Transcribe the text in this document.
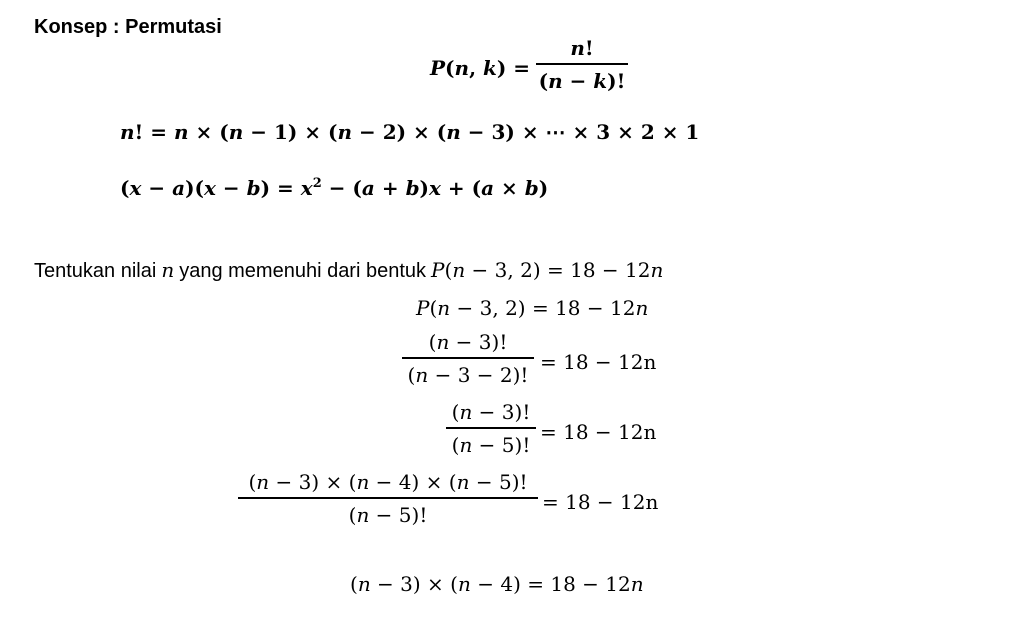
Konsep : Permutasi
P(n, k) =
n!
(n − k)!
n! = n × (n − 1) × (n − 2) × (n − 3) × ⋯ × 3 × 2 × 1
$(x - a)(x - b) = x^2 - (a + b)x + (a \times b)$
Tentukan nilai n yang memenuhi dari bentuk P(n − 3, 2) = 18 − 12n
P(n − 3, 2) = 18 − 12n
(n − 3)!
(n − 3 − 2)!
= 18 − 12n
(n − 3)!
(n − 5)!
= 18 − 12n
(n − 3) × (n − 4) × (n − 5)!
(n − 5)!
= 18 − 12n
(n − 3) × (n − 4) = 18 − 12n
